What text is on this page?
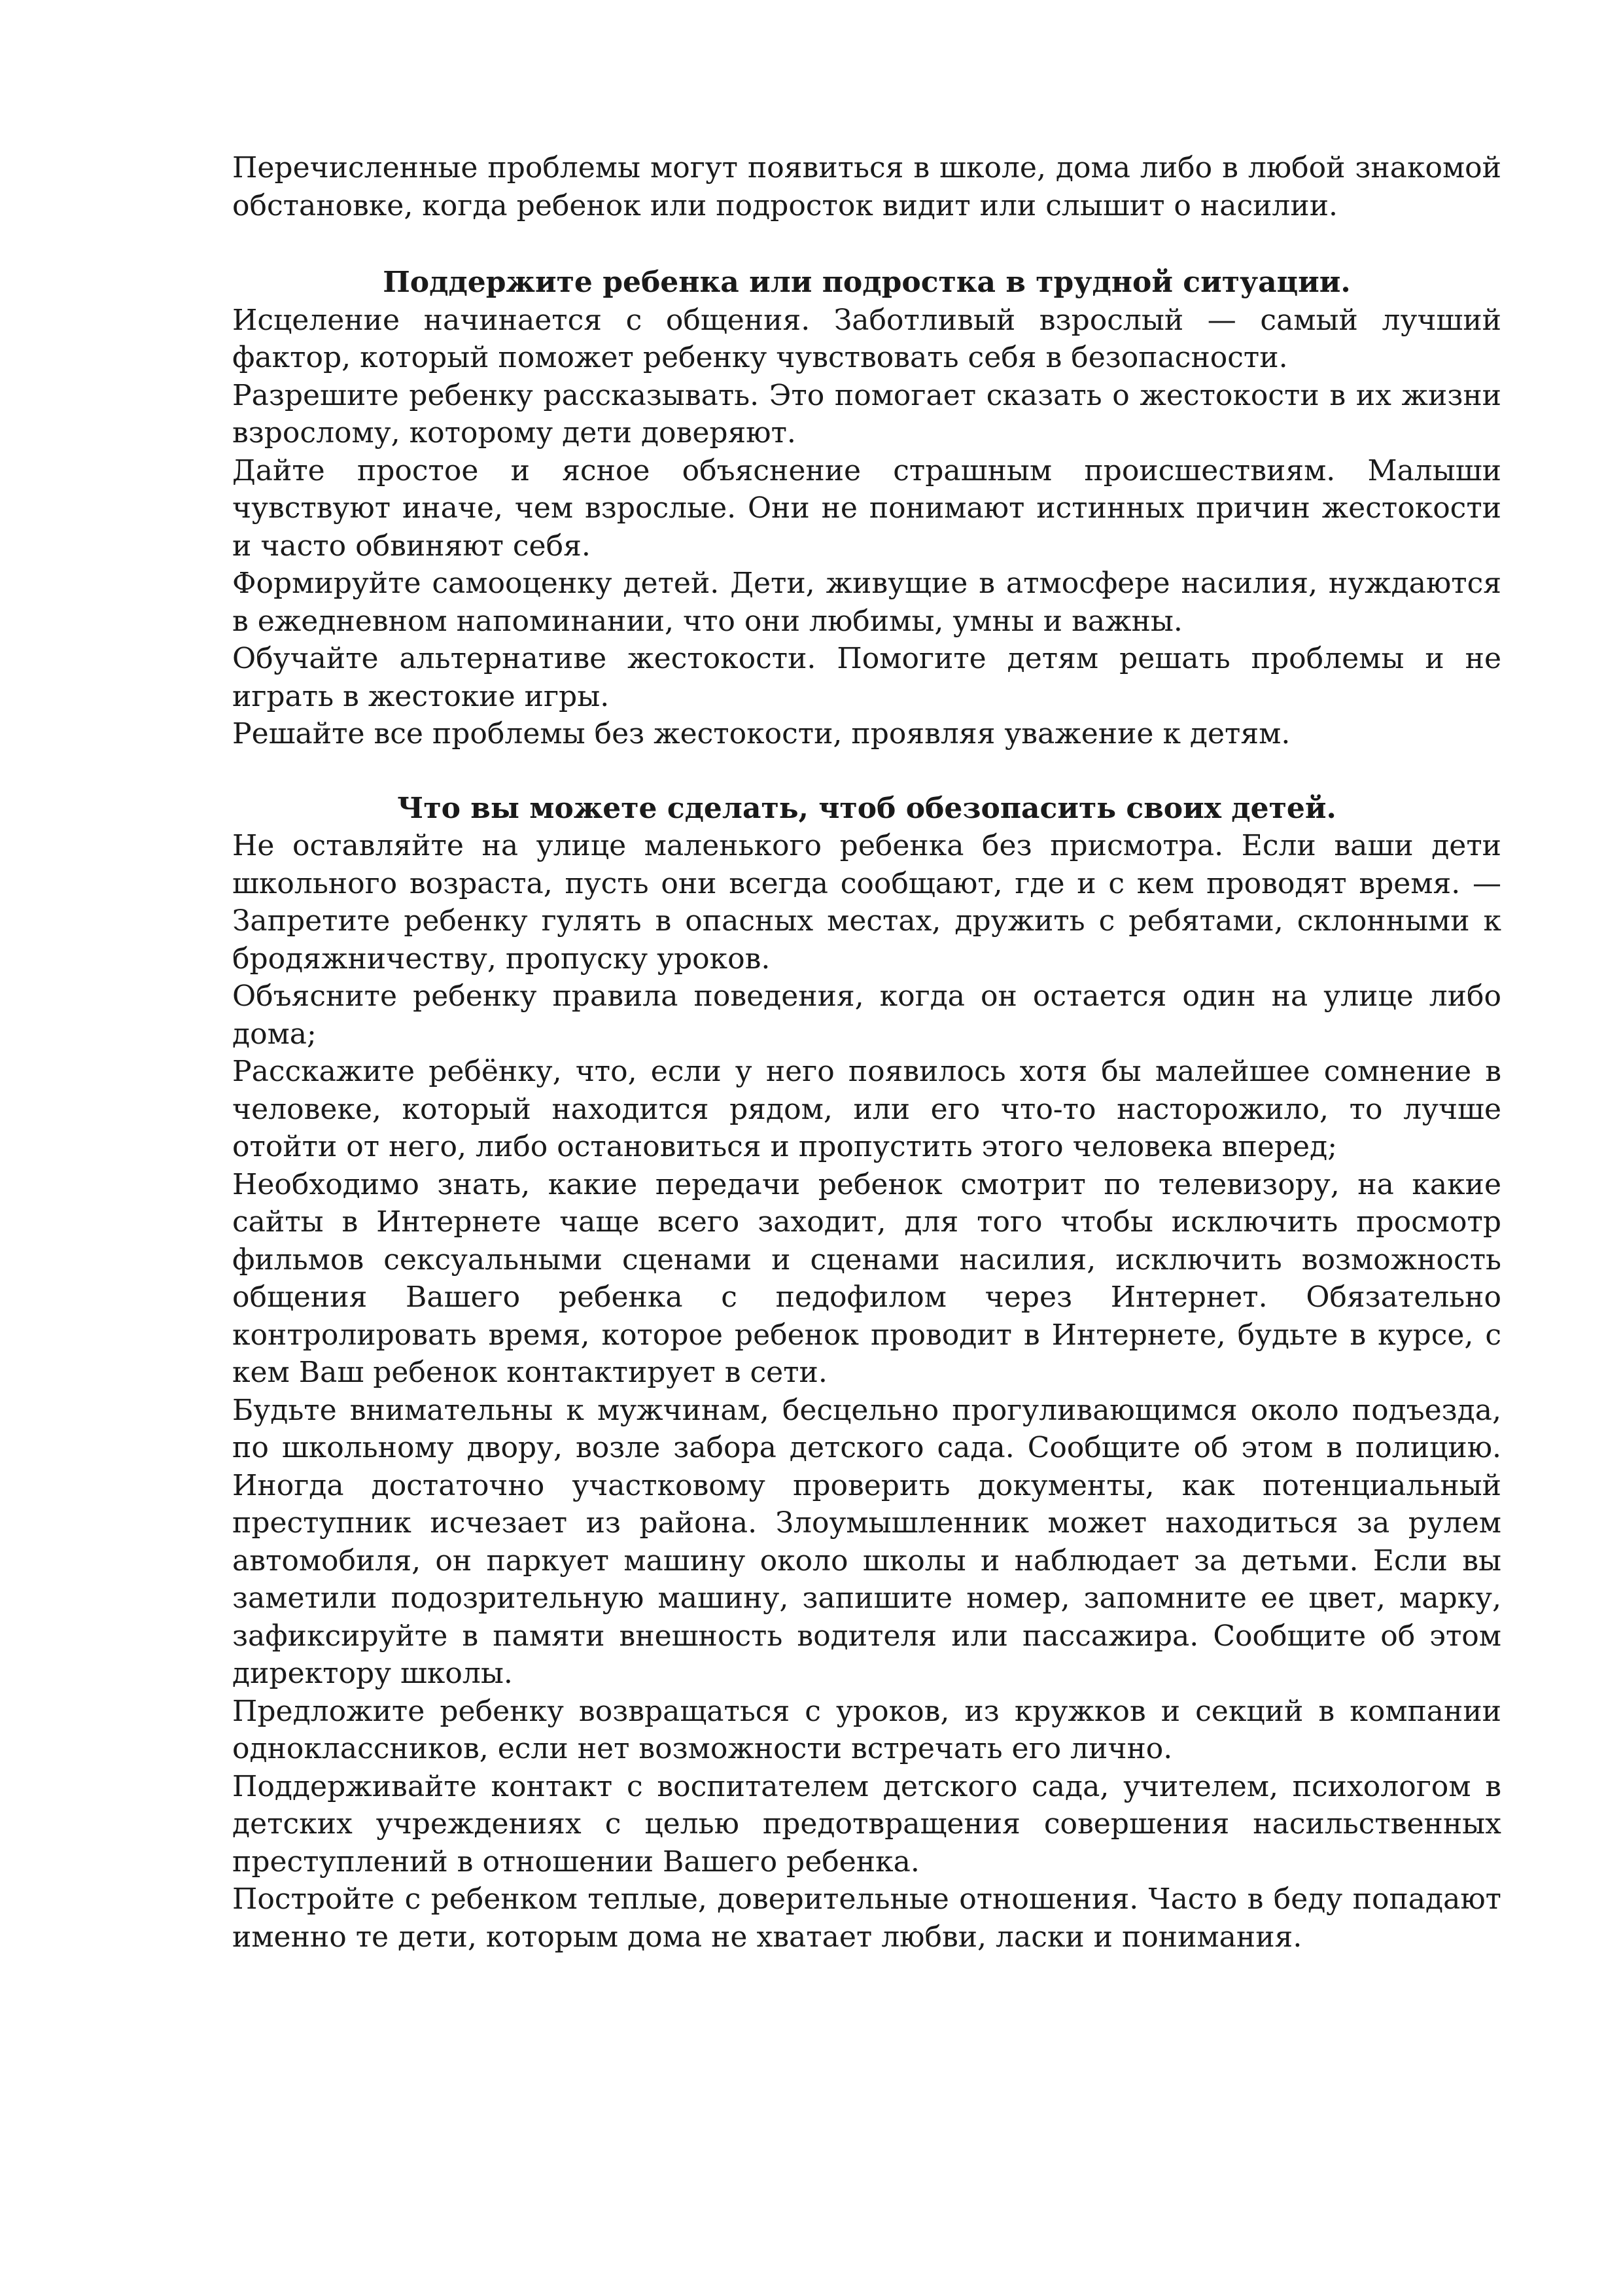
Перечисленные проблемы могут появиться в школе, дома либо в любой знакомой обстановке, когда ребенок или подросток видит или слышит о насилии.

Поддержите ребенка или подростка в трудной ситуации.

Исцеление начинается с общения. Заботливый взрослый — самый лучший фактор, который поможет ребенку чувствовать себя в безопасности.

Разрешите ребенку рассказывать. Это помогает сказать о жестокости в их жизни взрослому, которому дети доверяют.

Дайте простое и ясное объяснение страшным происшествиям. Малыши чувствуют иначе, чем взрослые. Они не понимают истинных причин жестокости и часто обвиняют себя.

Формируйте самооценку детей. Дети, живущие в атмосфере насилия, нуждаются в ежедневном напоминании, что они любимы, умны и важны.

Обучайте альтернативе жестокости. Помогите детям решать проблемы и не играть в жестокие игры.

Решайте все проблемы без жестокости, проявляя уважение к детям.

Что вы можете сделать, чтоб обезопасить своих детей.

Не оставляйте на улице маленького ребенка без присмотра. Если ваши дети школьного возраста, пусть они всегда сообщают, где и с кем проводят время. — Запретите ребенку гулять в опасных местах, дружить с ребятами, склонными к бродяжничеству, пропуску уроков.

Объясните ребенку правила поведения, когда он остается один на улице либо дома;

Расскажите ребёнку, что, если у него появилось хотя бы малейшее сомнение в человеке, который находится рядом, или его что-то насторожило, то лучше отойти от него, либо остановиться и пропустить этого человека вперед;

Необходимо знать, какие передачи ребенок смотрит по телевизору, на какие сайты в Интернете чаще всего заходит, для того чтобы исключить просмотр фильмов сексуальными сценами и сценами насилия, исключить возможность общения Вашего ребенка с педофилом через Интернет. Обязательно контролировать время, которое ребенок проводит в Интернете, будьте в курсе, с кем Ваш ребенок контактирует в сети.

Будьте внимательны к мужчинам, бесцельно прогуливающимся около подъезда, по школьному двору, возле забора детского сада. Сообщите об этом в полицию. Иногда достаточно участковому проверить документы, как потенциальный преступник исчезает из района. Злоумышленник может находиться за рулем автомобиля, он паркует машину около школы и наблюдает за детьми. Если вы заметили подозрительную машину, запишите номер, запомните ее цвет, марку, зафиксируйте в памяти внешность водителя или пассажира. Сообщите об этом директору школы.

Предложите ребенку возвращаться с уроков, из кружков и секций в компании одноклассников, если нет возможности встречать его лично.

Поддерживайте контакт с воспитателем детского сада, учителем, психологом в детских учреждениях с целью предотвращения совершения насильственных преступлений в отношении Вашего ребенка.

Постройте с ребенком теплые, доверительные отношения. Часто в беду попадают именно те дети, которым дома не хватает любви, ласки и понимания.
